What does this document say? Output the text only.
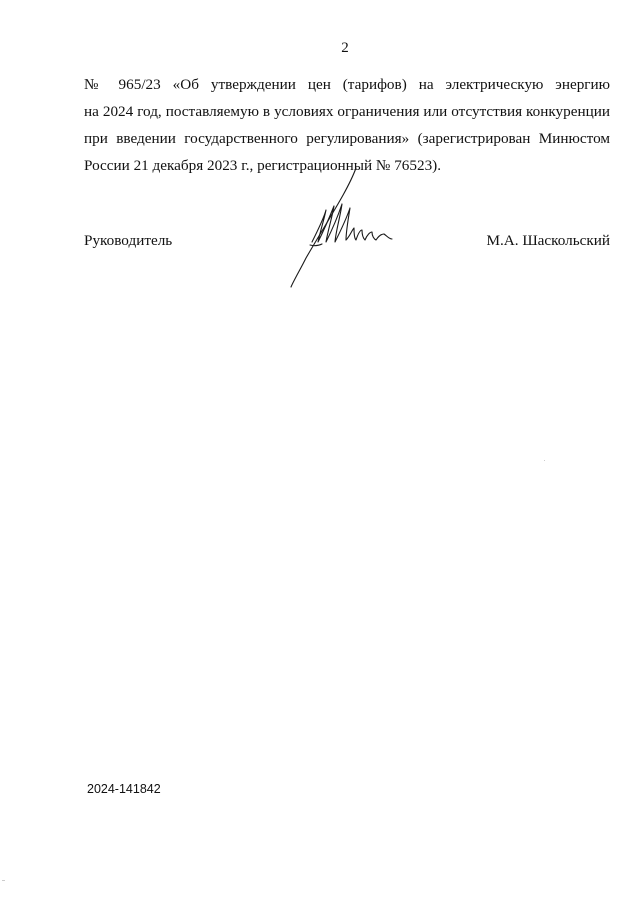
2
№ 965/23 «Об утверждении цен (тарифов) на электрическую энергию
на 2024 год, поставляемую в условиях ограничения или отсутствия конкуренции
при введении государственного регулирования» (зарегистрирован Минюстом
России 21 декабря 2023 г., регистрационный № 76523).
Руководитель	М.А. Шаскольский
2024-141842
